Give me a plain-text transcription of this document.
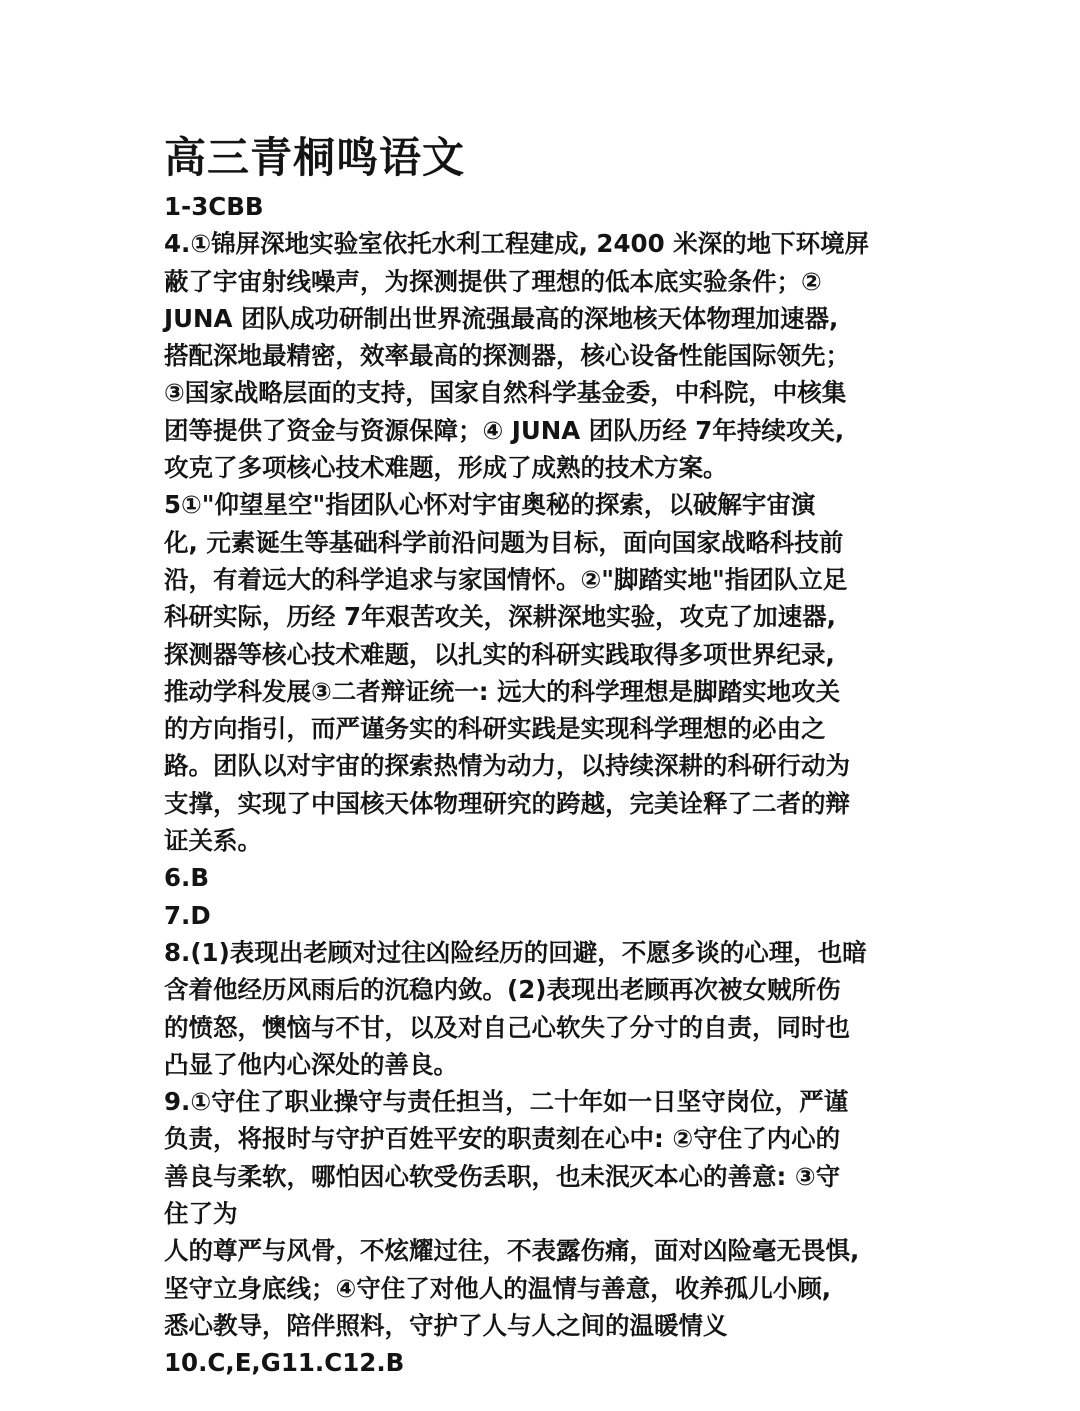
高三青桐鸣语文
1-3CBB
4.①锦屏深地实验室依托水利工程建成, 2400 米深的地下环境屏
蔽了宇宙射线噪声，为探测提供了理想的低本底实验条件；②
JUNA 团队成功研制出世界流强最高的深地核天体物理加速器,
搭配深地最精密，效率最高的探测器，核心设备性能国际领先；
③国家战略层面的支持，国家自然科学基金委，中科院，中核集
团等提供了资金与资源保障；④ JUNA 团队历经 7年持续攻关,
攻克了多项核心技术难题，形成了成熟的技术方案。
5①"仰望星空"指团队心怀对宇宙奥秘的探索，以破解宇宙演
化, 元素诞生等基础科学前沿问题为目标，面向国家战略科技前
沿，有着远大的科学追求与家国情怀。②"脚踏实地"指团队立足
科研实际，历经 7年艰苦攻关，深耕深地实验，攻克了加速器,
探测器等核心技术难题，以扎实的科研实践取得多项世界纪录,
推动学科发展③二者辩证统一: 远大的科学理想是脚踏实地攻关
的方向指引，而严谨务实的科研实践是实现科学理想的必由之
路。团队以对宇宙的探索热情为动力，以持续深耕的科研行动为
支撑，实现了中国核天体物理研究的跨越，完美诠释了二者的辩
证关系。
6.B
7.D
8.(1)表现出老顾对过往凶险经历的回避，不愿多谈的心理，也暗
含着他经历风雨后的沉稳内敛。(2)表现出老顾再次被女贼所伤
的愤怒，懊恼与不甘，以及对自己心软失了分寸的自责，同时也
凸显了他内心深处的善良。
9.①守住了职业操守与责任担当，二十年如一日坚守岗位，严谨
负责，将报时与守护百姓平安的职责刻在心中: ②守住了内心的
善良与柔软，哪怕因心软受伤丢职，也未泯灭本心的善意: ③守
住了为
人的尊严与风骨，不炫耀过往，不表露伤痛，面对凶险毫无畏惧,
坚守立身底线；④守住了对他人的温情与善意，收养孤儿小顾,
悉心教导，陪伴照料，守护了人与人之间的温暖情义
10.C,E,G11.C12.B
